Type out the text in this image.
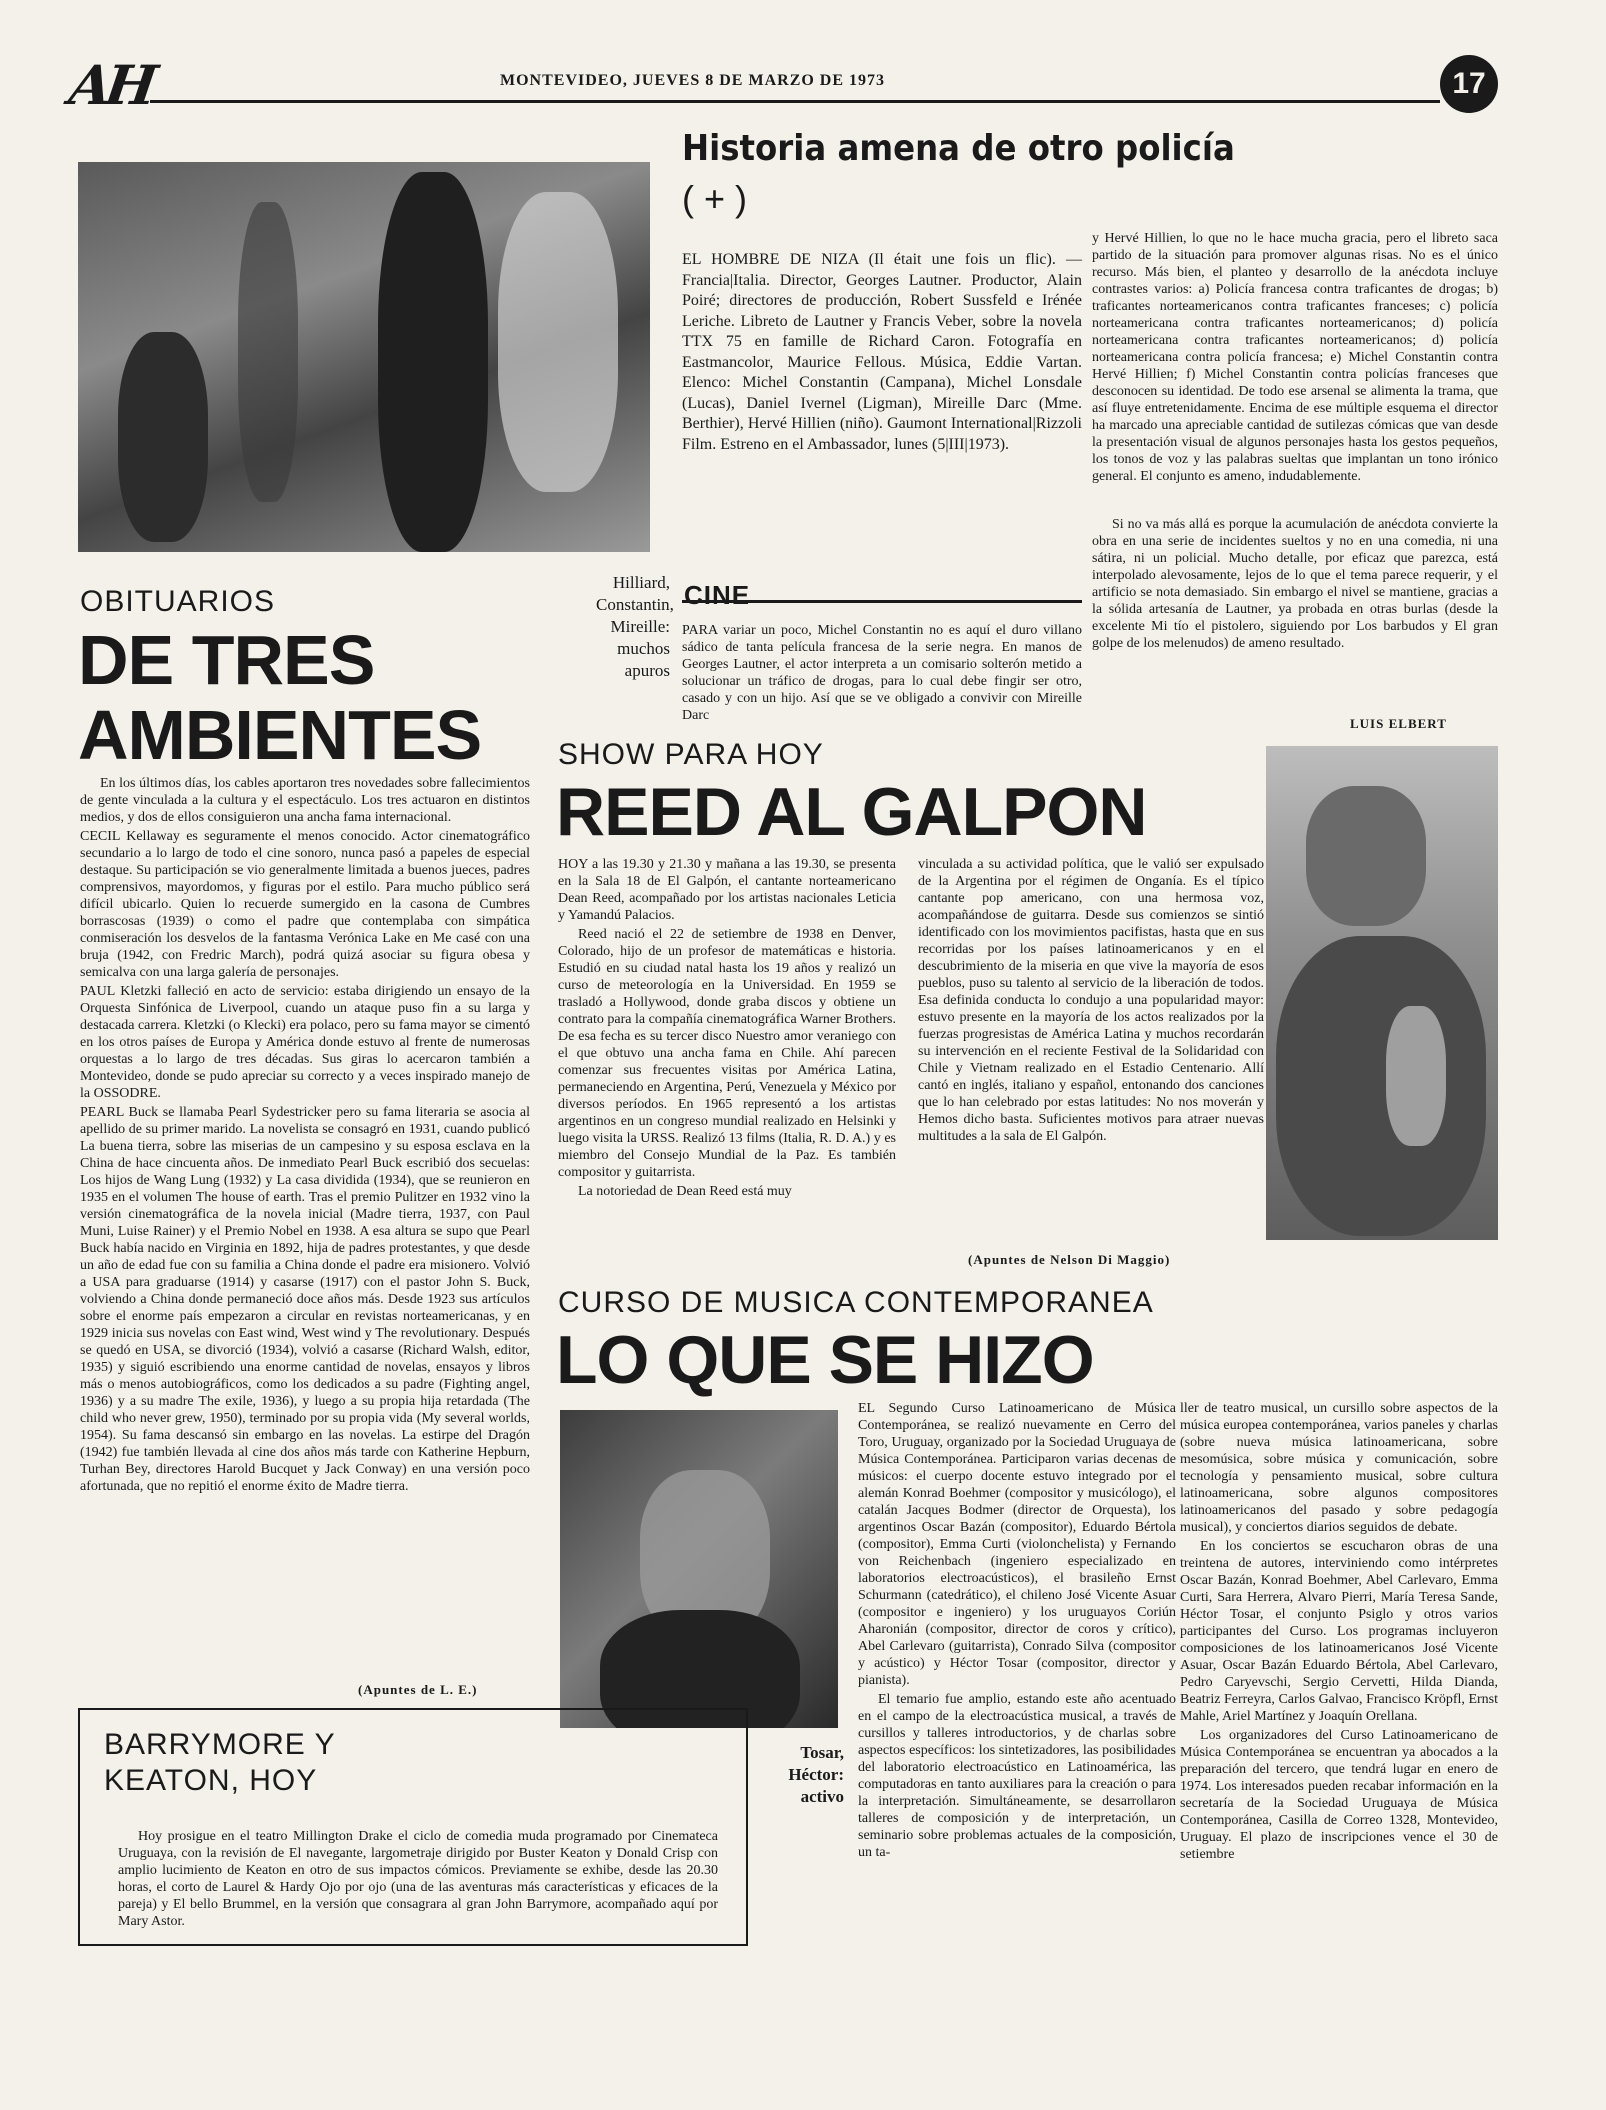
AH	MONTEVIDEO, JUEVES 8 DE MARZO DE 1973	17
Hilliard, Constantin, Mireille: muchos apuros
Historia amena de otro policía
( + )
EL HOMBRE DE NIZA (Il était une fois un flic). — Francia|Italia. Director, Georges Lautner. Productor, Alain Poiré; directores de producción, Robert Sussfeld e Irénée Leriche. Libreto de Lautner y Francis Veber, sobre la novela TTX 75 en famille de Richard Caron. Fotografía en Eastmancolor, Maurice Fellous. Música, Eddie Vartan. Elenco: Michel Constantin (Campana), Michel Lonsdale (Lucas), Daniel Ivernel (Ligman), Mireille Darc (Mme. Berthier), Hervé Hillien (niño). Gaumont International|Rizzoli Film. Estreno en el Ambassador, lunes (5|III|1973).
CINE
PARA variar un poco, Michel Constantin no es aquí el duro villano sádico de tanta película francesa de la serie negra. En manos de Georges Lautner, el actor interpreta a un comisario solterón metido a solucionar un tráfico de drogas, para lo cual debe fingir ser otro, casado y con un hijo. Así que se ve obligado a convivir con Mireille Darc
y Hervé Hillien, lo que no le hace mucha gracia, pero el libreto saca partido de la situación para promover algunas risas. No es el único recurso. Más bien, el planteo y desarrollo de la anécdota incluye contrastes varios: a) Policía francesa contra traficantes de drogas; b) traficantes norteamericanos contra traficantes franceses; c) policía norteamericana contra traficantes norteamericanos; d) policía norteamericana contra traficantes norteamericanos; d) policía norteamericana contra policía francesa; e) Michel Constantin contra Hervé Hillien; f) Michel Constantin contra policías franceses que desconocen su identidad. De todo ese arsenal se alimenta la trama, que así fluye entretenidamente. Encima de ese múltiple esquema el director ha marcado una apreciable cantidad de sutilezas cómicas que van desde la presentación visual de algunos personajes hasta los gestos pequeños, los tonos de voz y las palabras sueltas que implantan un tono irónico general. El conjunto es ameno, indudablemente.
Si no va más allá es porque la acumulación de anécdota convierte la obra en una serie de incidentes sueltos y no en una comedia, ni una sátira, ni un policial. Mucho detalle, por eficaz que parezca, está interpolado alevosamente, lejos de lo que el tema parece requerir, y el artificio se nota demasiado. Sin embargo el nivel se mantiene, gracias a la sólida artesanía de Lautner, ya probada en otras burlas (desde la excelente Mi tío el pistolero, siguiendo por Los barbudos y El gran golpe de los melenudos) de ameno resultado.
LUIS ELBERT
OBITUARIOS
DE TRES
AMBIENTES

En los últimos días, los cables aportaron tres novedades sobre fallecimientos de gente vinculada a la cultura y el espectáculo. Los tres actuaron en distintos medios, y dos de ellos consiguieron una ancha fama internacional.

CECIL Kellaway es seguramente el menos conocido. Actor cinematográfico secundario a lo largo de todo el cine sonoro, nunca pasó a papeles de especial destaque. Su participación se vio generalmente limitada a buenos jueces, padres comprensivos, mayordomos, y figuras por el estilo. Para mucho público será difícil ubicarlo. Quien lo recuerde sumergido en la casona de Cumbres borrascosas (1939) o como el padre que contemplaba con simpática conmiseración los desvelos de la fantasma Verónica Lake en Me casé con una bruja (1942, con Fredric March), podrá quizá asociar su figura obesa y semicalva con una larga galería de personajes.

PAUL Kletzki falleció en acto de servicio: estaba dirigiendo un ensayo de la Orquesta Sinfónica de Liverpool, cuando un ataque puso fin a su larga y destacada carrera. Kletzki (o Klecki) era polaco, pero su fama mayor se cimentó en los otros países de Europa y América donde estuvo al frente de numerosas orquestas a lo largo de tres décadas. Sus giras lo acercaron también a Montevideo, donde se pudo apreciar su correcto y a veces inspirado manejo de la OSSODRE.

PEARL Buck se llamaba Pearl Sydestricker pero su fama literaria se asocia al apellido de su primer marido. La novelista se consagró en 1931, cuando publicó La buena tierra, sobre las miserias de un campesino y su esposa esclava en la China de hace cincuenta años. De inmediato Pearl Buck escribió dos secuelas: Los hijos de Wang Lung (1932) y La casa dividida (1934), que se reunieron en 1935 en el volumen The house of earth. Tras el premio Pulitzer en 1932 vino la versión cinematográfica de la novela inicial (Madre tierra, 1937, con Paul Muni, Luise Rainer) y el Premio Nobel en 1938. A esa altura se supo que Pearl Buck había nacido en Virginia en 1892, hija de padres protestantes, y que desde un año de edad fue con su familia a China donde el padre era misionero. Volvió a USA para graduarse (1914) y casarse (1917) con el pastor John S. Buck, volviendo a China donde permaneció doce años más. Desde 1923 sus artículos sobre el enorme país empezaron a circular en revistas norteamericanas, y en 1929 inicia sus novelas con East wind, West wind y The revolutionary. Después se quedó en USA, se divorció (1934), volvió a casarse (Richard Walsh, editor, 1935) y siguió escribiendo una enorme cantidad de novelas, ensayos y libros más o menos autobiográficos, como los dedicados a su padre (Fighting angel, 1936) y a su madre The exile, 1936), y luego a su propia hija retardada (The child who never grew, 1950), terminado por su propia vida (My several worlds, 1954). Su fama descansó sin embargo en las novelas. La estirpe del Dragón (1942) fue también llevada al cine dos años más tarde con Katherine Hepburn, Turhan Bey, directores Harold Bucquet y Jack Conway) en una versión poco afortunada, que no repitió el enorme éxito de Madre tierra.

(Apuntes de L. E.)
SHOW PARA HOY
REED AL GALPON

HOY a las 19.30 y 21.30 y mañana a las 19.30, se presenta en la Sala 18 de El Galpón, el cantante norteamericano Dean Reed, acompañado por los artistas nacionales Leticia y Yamandú Palacios.

Reed nació el 22 de setiembre de 1938 en Denver, Colorado, hijo de un profesor de matemáticas e historia. Estudió en su ciudad natal hasta los 19 años y realizó un curso de meteorología en la Universidad. En 1959 se trasladó a Hollywood, donde graba discos y obtiene un contrato para la compañía cinematográfica Warner Brothers. De esa fecha es su tercer disco Nuestro amor veraniego con el que obtuvo una ancha fama en Chile. Ahí parecen comenzar sus frecuentes visitas por América Latina, permaneciendo en Argentina, Perú, Venezuela y México por diversos períodos. En 1965 representó a los artistas argentinos en un congreso mundial realizado en Helsinki y luego visita la URSS. Realizó 13 films (Italia, R. D. A.) y es miembro del Consejo Mundial de la Paz. Es también compositor y guitarrista.

La notoriedad de Dean Reed está muy

vinculada a su actividad política, que le valió ser expulsado de la Argentina por el régimen de Onganía. Es el típico cantante pop americano, con una hermosa voz, acompañándose de guitarra. Desde sus comienzos se sintió identificado con los movimientos pacifistas, hasta que en sus recorridas por los países latinoamericanos y en el descubrimiento de la miseria en que vive la mayoría de esos pueblos, puso su talento al servicio de la liberación de todos. Esa definida conducta lo condujo a una popularidad mayor: estuvo presente en la mayoría de los actos realizados por la fuerzas progresistas de América Latina y muchos recordarán su intervención en el reciente Festival de la Solidaridad con Chile y Vietnam realizado en el Estadio Centenario. Allí cantó en inglés, italiano y español, entonando dos canciones que lo han celebrado por estas latitudes: No nos moverán y Hemos dicho basta. Suficientes motivos para atraer nuevas multitudes a la sala de El Galpón.
(Apuntes de Nelson Di Maggio)
CURSO DE MUSICA CONTEMPORANEA
LO QUE SE HIZO
Tosar, Héctor: activo

EL Segundo Curso Latinoamericano de Música Contemporánea, se realizó nuevamente en Cerro del Toro, Uruguay, organizado por la Sociedad Uruguaya de Música Contemporánea. Participaron varias decenas de músicos: el cuerpo docente estuvo integrado por el alemán Konrad Boehmer (compositor y musicólogo), el catalán Jacques Bodmer (director de Orquesta), los argentinos Oscar Bazán (compositor), Eduardo Bértola (compositor), Emma Curti (violonchelista) y Fernando von Reichenbach (ingeniero especializado en laboratorios electroacústicos), el brasileño Ernst Schurmann (catedrático), el chileno José Vicente Asuar (compositor e ingeniero) y los uruguayos Coriún Aharonián (compositor, director de coros y crítico), Abel Carlevaro (guitarrista), Conrado Silva (compositor y acústico) y Héctor Tosar (compositor, director y pianista).

El temario fue amplio, estando este año acentuado en el campo de la electroacústica musical, a través de cursillos y talleres introductorios, y de charlas sobre aspectos específicos: los sintetizadores, las posibilidades del laboratorio electroacústico en Latinoamérica, las computadoras en tanto auxiliares para la creación o para la interpretación. Simultáneamente, se desarrollaron talleres de composición y de interpretación, un seminario sobre problemas actuales de la composición, un ta-

ller de teatro musical, un cursillo sobre aspectos de la música europea contemporánea, varios paneles y charlas (sobre nueva música latinoamericana, sobre mesomúsica, sobre música y comunicación, sobre tecnología y pensamiento musical, sobre cultura latinoamericana, sobre algunos compositores latinoamericanos del pasado y sobre pedagogía musical), y conciertos diarios seguidos de debate.

En los conciertos se escucharon obras de una treintena de autores, interviniendo como intérpretes Oscar Bazán, Konrad Boehmer, Abel Carlevaro, Emma Curti, Sara Herrera, Alvaro Pierri, María Teresa Sande, Héctor Tosar, el conjunto Psiglo y otros varios participantes del Curso. Los programas incluyeron composiciones de los latinoamericanos José Vicente Asuar, Oscar Bazán Eduardo Bértola, Abel Carlevaro, Pedro Caryevschi, Sergio Cervetti, Hilda Dianda, Beatriz Ferreyra, Carlos Galvao, Francisco Kröpfl, Ernst Mahle, Ariel Martínez y Joaquín Orellana.

Los organizadores del Curso Latinoamericano de Música Contemporánea se encuentran ya abocados a la preparación del tercero, que tendrá lugar en enero de 1974. Los interesados pueden recabar información en la secretaría de la Sociedad Uruguaya de Música Contemporánea, Casilla de Correo 1328, Montevideo, Uruguay. El plazo de inscripciones vence el 30 de setiembre

BARRYMORE Y
KEATON, HOY
Hoy prosigue en el teatro Millington Drake el ciclo de comedia muda programado por Cinemateca Uruguaya, con la revisión de El navegante, largometraje dirigido por Buster Keaton y Donald Crisp con amplio lucimiento de Keaton en otro de sus impactos cómicos. Previamente se exhibe, desde las 20.30 horas, el corto de Laurel & Hardy Ojo por ojo (una de las aventuras más características y eficaces de la pareja) y El bello Brummel, en la versión que consagrara al gran John Barrymore, acompañado aquí por Mary Astor.
